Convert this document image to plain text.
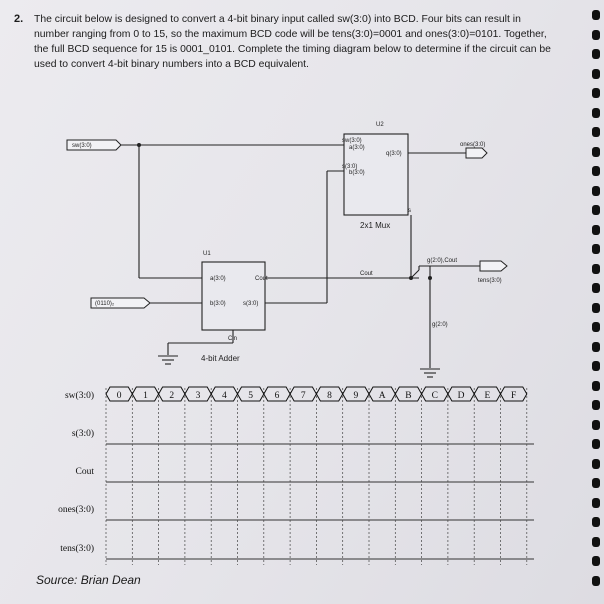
2. The circuit below is designed to convert a 4-bit binary input called sw(3:0) into BCD. Four bits can result in number ranging from 0 to 15, so the maximum BCD code will be tens(3:0)=0001 and ones(3:0)=0101. Together, the full BCD sequence for 15 is 0001_0101. Complete the timing diagram below to determine if the circuit can be used to convert 4-bit binary numbers into a BCD equivalent.
sw(3:0)
(0110)₂
sw(3:0)
s(3:0)
U2
a(3:0)
b(3:0)
q(3:0)
s
2x1 Mux
ones(3:0)
tens(3:0)
g(2:0),Cout
Cout
g(2:0)
U1
a(3:0)	Cout
b(3:0)	s(3:0)
Cin
4-bit Adder
sw(3:0)
s(3:0)
Cout
ones(3:0)
tens(3:0)
0 1 2 3 4 5 6 7 8 9 A B C D E F
Source: Brian Dean
